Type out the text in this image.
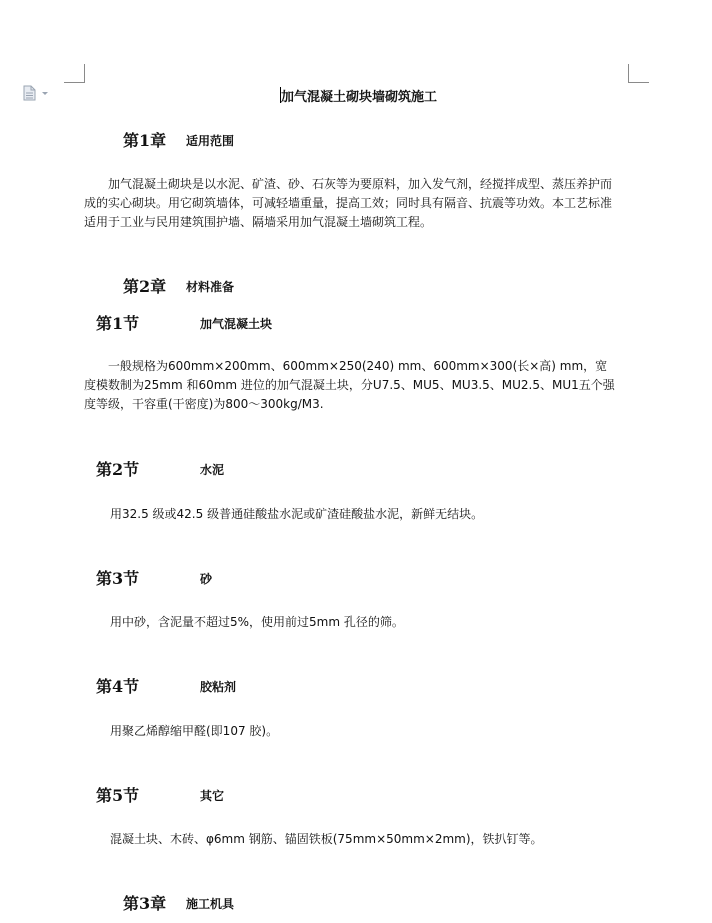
加气混凝土砌块墙砌筑施工
第1章 适用范围
加气混凝土砌块是以水泥、矿渣、砂、石灰等为要原料，加入发气剂，经搅拌成型、蒸压养护而成的实心砌块。用它砌筑墙体，可减轻墙重量，提高工效；同时具有隔音、抗震等功效。本工艺标准适用于工业与民用建筑围护墙、隔墙采用加气混凝土墙砌筑工程。
第2章 材料准备
第1节	加气混凝土块
一般规格为600mm×200mm、600mm×250(240) mm、600mm×300(长×高) mm，宽度模数制为25mm 和60mm 进位的加气混凝土块，分U7.5、MU5、MU3.5、MU2.5、MU1五个强度等级，干容重(干密度)为800～300kg/M3.
第2节	水泥
用32.5 级或42.5 级普通硅酸盐水泥或矿渣硅酸盐水泥，新鲜无结块。
第3节	砂
用中砂，含泥量不超过5%，使用前过5mm 孔径的筛。
第4节	胶粘剂
用聚乙烯醇缩甲醛(即107 胶)。
第5节	其它
混凝土块、木砖、φ6mm 钢筋、锚固铁板(75mm×50mm×2mm)，铁扒钉等。
第3章 施工机具
